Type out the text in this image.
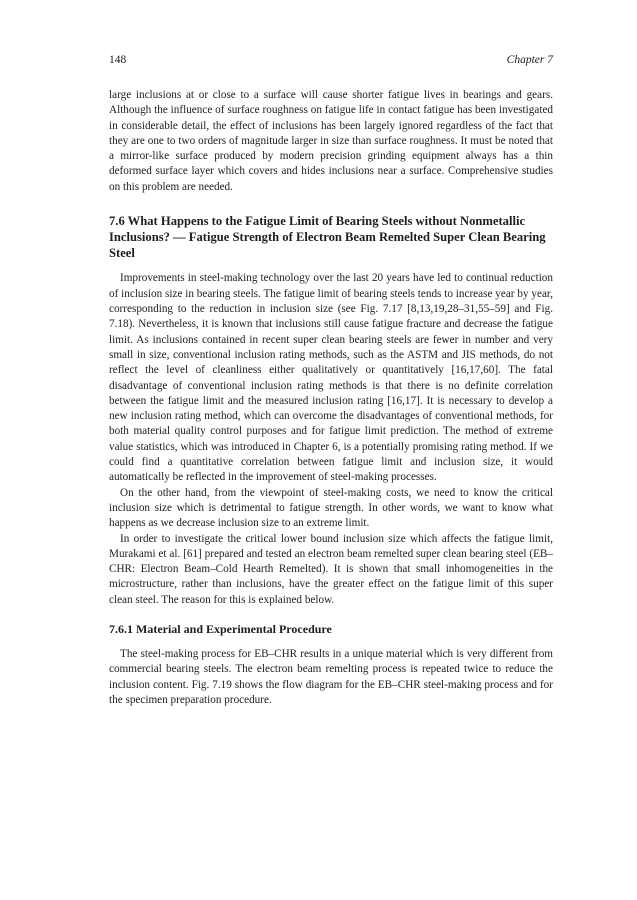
148	Chapter 7

large inclusions at or close to a surface will cause shorter fatigue lives in bearings and gears. Although the influence of surface roughness on fatigue life in contact fatigue has been investigated in considerable detail, the effect of inclusions has been largely ignored regardless of the fact that they are one to two orders of magnitude larger in size than surface roughness. It must be noted that a mirror-like surface produced by modern precision grinding equipment always has a thin deformed surface layer which covers and hides inclusions near a surface. Comprehensive studies on this problem are needed.

7.6 What Happens to the Fatigue Limit of Bearing Steels without Nonmetallic Inclusions? — Fatigue Strength of Electron Beam Remelted Super Clean Bearing Steel

Improvements in steel-making technology over the last 20 years have led to continual reduction of inclusion size in bearing steels. The fatigue limit of bearing steels tends to increase year by year, corresponding to the reduction in inclusion size (see Fig. 7.17 [8,13,19,28–31,55–59] and Fig. 7.18). Nevertheless, it is known that inclusions still cause fatigue fracture and decrease the fatigue limit. As inclusions contained in recent super clean bearing steels are fewer in number and very small in size, conventional inclusion rating methods, such as the ASTM and JIS methods, do not reflect the level of cleanliness either qualitatively or quantitatively [16,17,60]. The fatal disadvantage of conventional inclusion rating methods is that there is no definite correlation between the fatigue limit and the measured inclusion rating [16,17]. It is necessary to develop a new inclusion rating method, which can overcome the disadvantages of conventional methods, for both material quality control purposes and for fatigue limit prediction. The method of extreme value statistics, which was introduced in Chapter 6, is a potentially promising rating method. If we could find a quantitative correlation between fatigue limit and inclusion size, it would automatically be reflected in the improvement of steel-making processes.

On the other hand, from the viewpoint of steel-making costs, we need to know the critical inclusion size which is detrimental to fatigue strength. In other words, we want to know what happens as we decrease inclusion size to an extreme limit.

In order to investigate the critical lower bound inclusion size which affects the fatigue limit, Murakami et al. [61] prepared and tested an electron beam remelted super clean bearing steel (EB–CHR: Electron Beam–Cold Hearth Remelted). It is shown that small inhomogeneities in the microstructure, rather than inclusions, have the greater effect on the fatigue limit of this super clean steel. The reason for this is explained below.

7.6.1 Material and Experimental Procedure

The steel-making process for EB–CHR results in a unique material which is very different from commercial bearing steels. The electron beam remelting process is repeated twice to reduce the inclusion content. Fig. 7.19 shows the flow diagram for the EB–CHR steel-making process and for the specimen preparation procedure.
